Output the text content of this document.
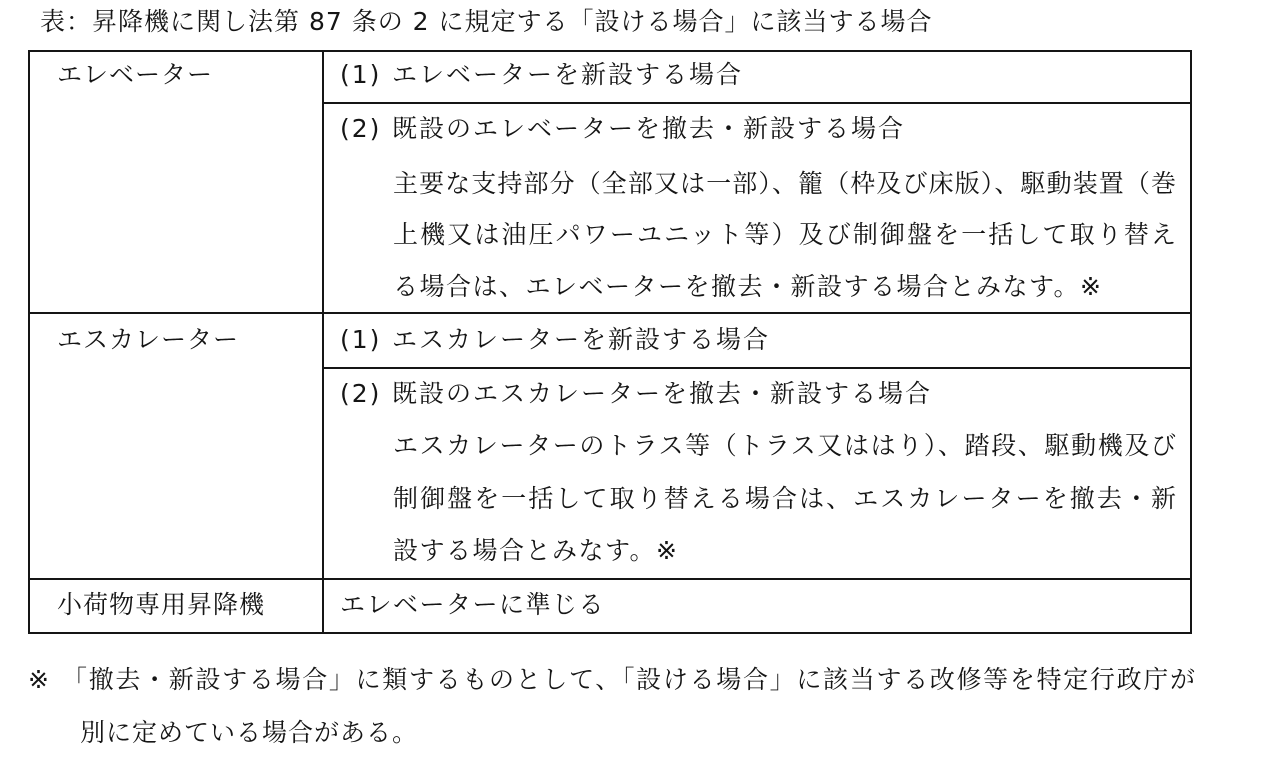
表：昇降機に関し法第 87 条の 2 に規定する「設ける場合」に該当する場合
エレベーター	(1) エレベーターを新設する場合
(2) 既設のエレベーターを撤去・新設する場合
主要な支持部分（全部又は一部）、籠（枠及び床版）、駆動装置（巻
上機又は油圧パワーユニット等）及び制御盤を一括して取り替え
る場合は、エレベーターを撤去・新設する場合とみなす。※
エスカレーター	(1) エスカレーターを新設する場合
(2) 既設のエスカレーターを撤去・新設する場合
エスカレーターのトラス等（トラス又ははり）、踏段、駆動機及び
制御盤を一括して取り替える場合は、エスカレーターを撤去・新
設する場合とみなす。※
小荷物専用昇降機	エレベーターに準じる
※ 「撤去・新設する場合」に類するものとして、「設ける場合」に該当する改修等を特定行政庁が
別に定めている場合がある。
